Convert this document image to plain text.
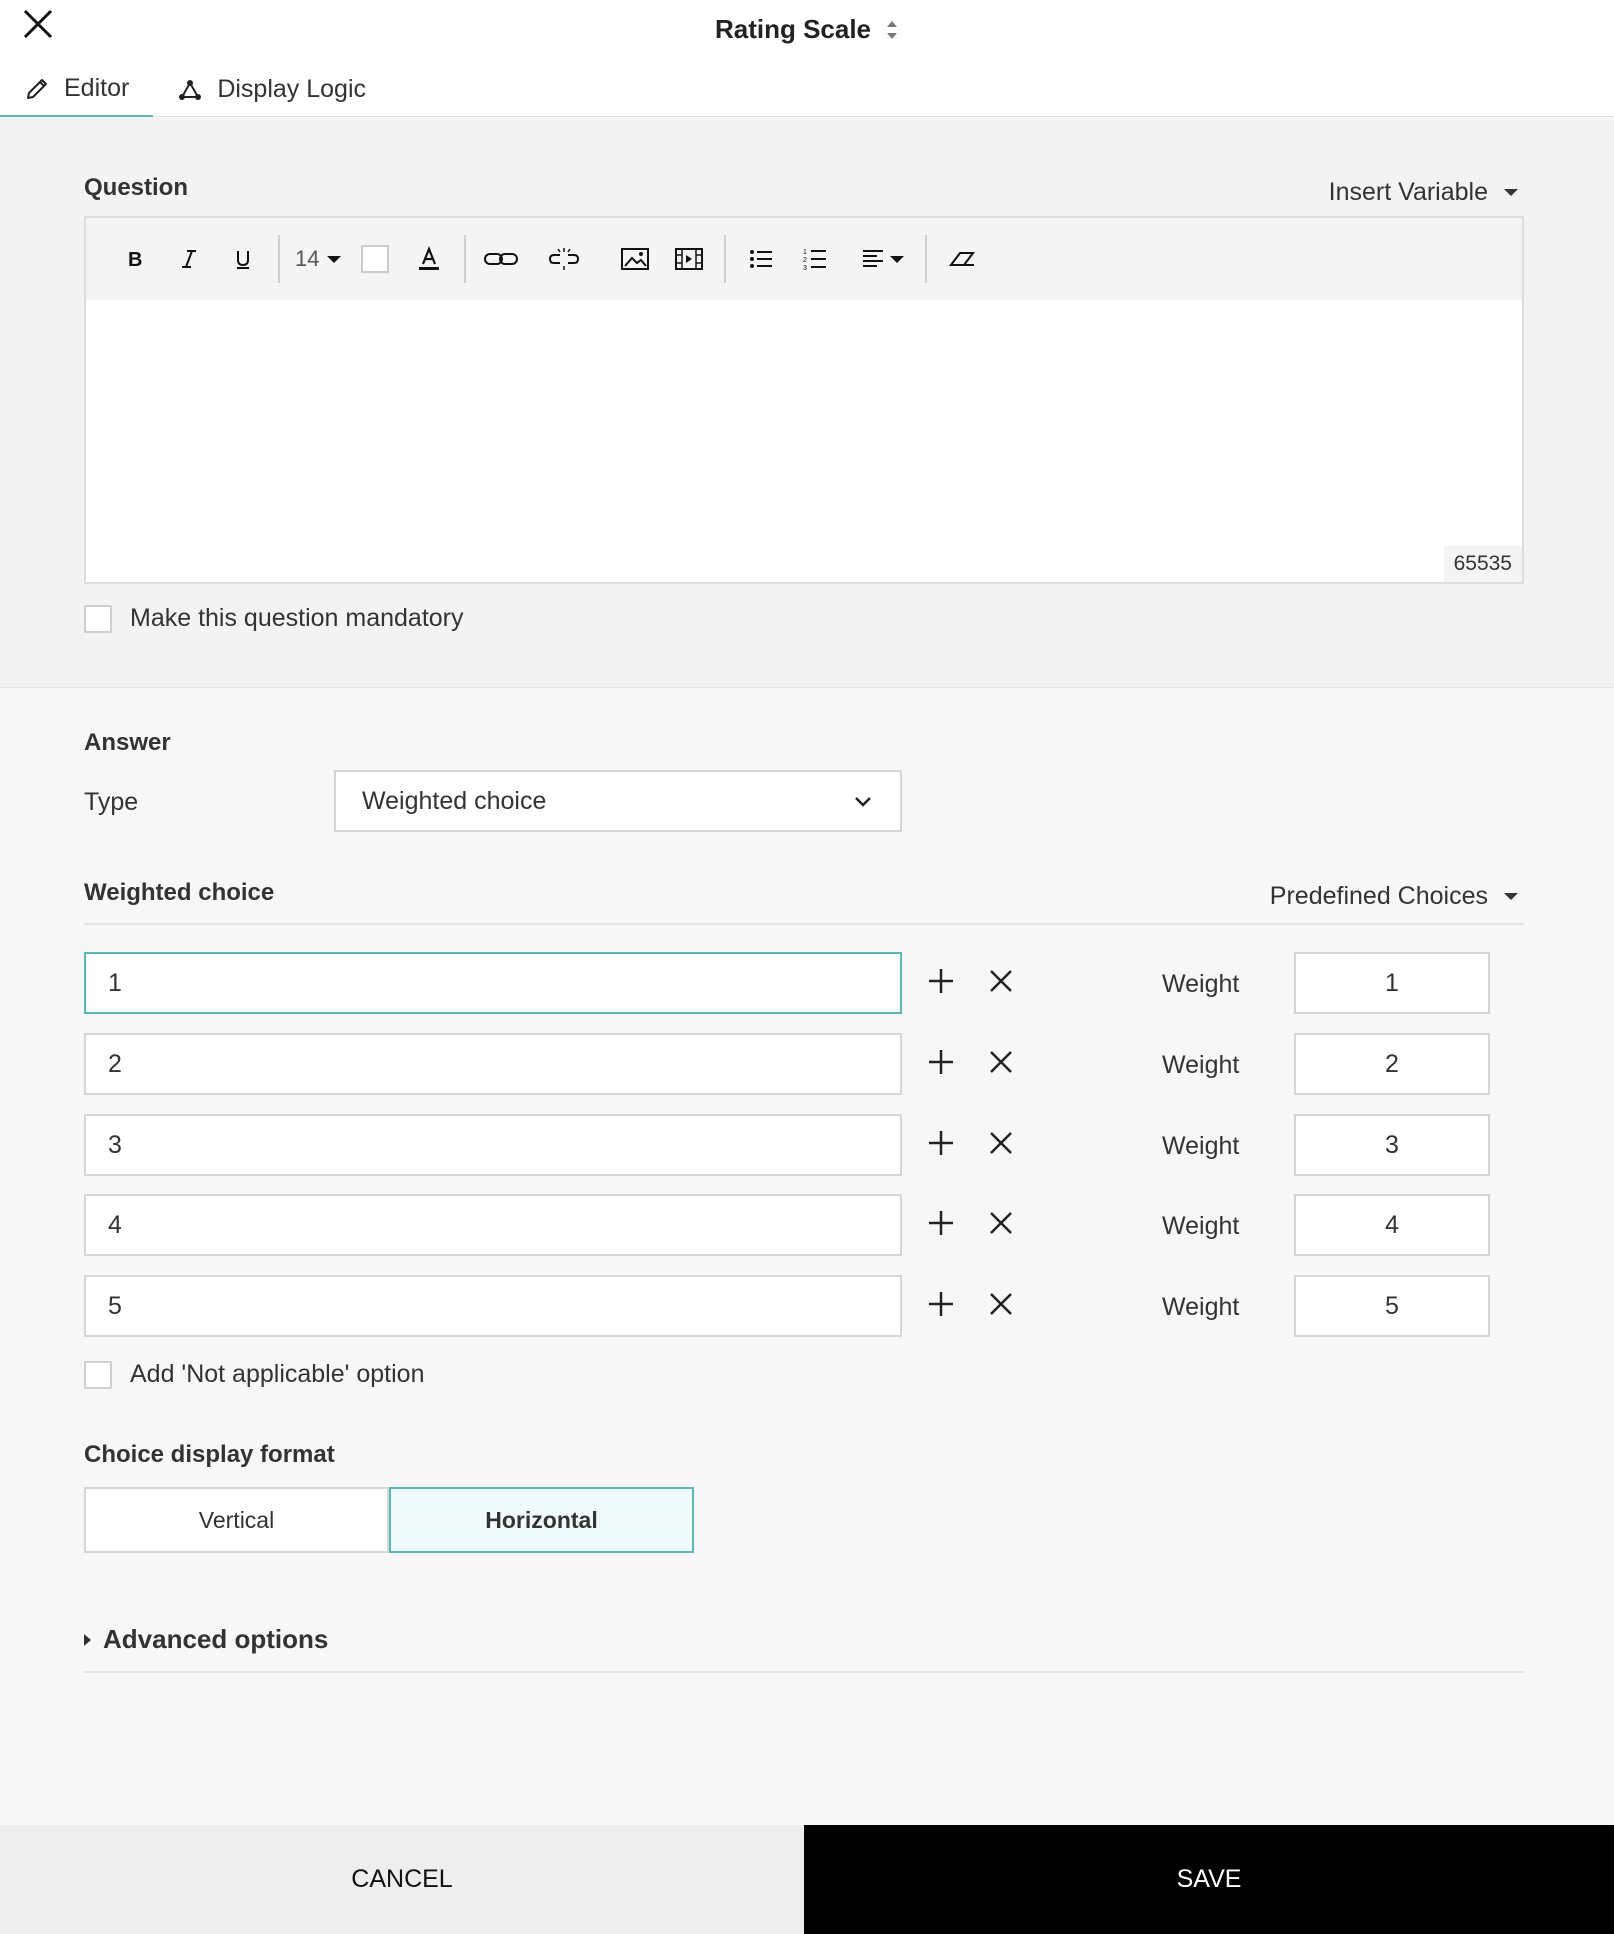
Rating Scale
Editor	Display Logic
Question	Insert Variable
B	14	1
2
3
65535
Make this question mandatory
Answer
Type	Weighted choice
Weighted choice	Predefined Choices
1	Weight	1
2	Weight	2
3	Weight	3
4	Weight	4
5	Weight	5
Add 'Not applicable' option
Choice display format
Vertical	Horizontal
Advanced options
CANCEL	SAVE
